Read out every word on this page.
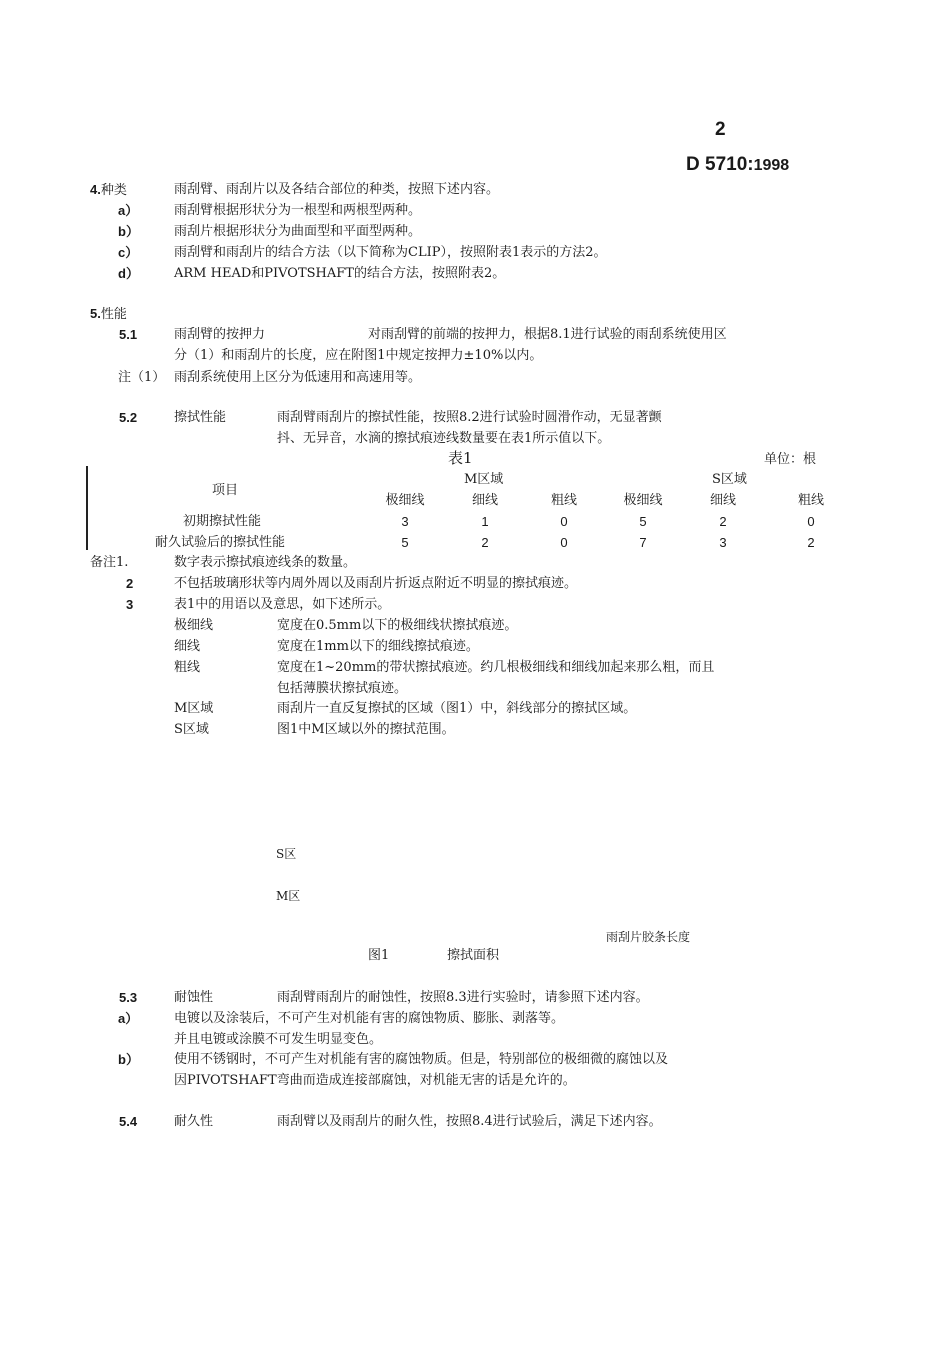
2
D 5710:1998
4.种类	雨刮臂、雨刮片以及各结合部位的种类，按照下述内容。
a）	雨刮臂根据形状分为一根型和两根型两种。
b）	雨刮片根据形状分为曲面型和平面型两种。
c）	雨刮臂和雨刮片的结合方法（以下简称为CLIP），按照附表1表示的方法2。
d）	ARM HEAD和PIVOTSHAFT的结合方法，按照附表2。
5.性能
5.1	雨刮臂的按押力	对雨刮臂的前端的按押力，根据8.1进行试验的雨刮系统使用区
分（1）和雨刮片的长度，应在附图1中规定按押力±10%以内。
注（1） 雨刮系统使用上区分为低速用和高速用等。
5.2	擦拭性能	雨刮臂雨刮片的擦拭性能，按照8.2进行试验时圆滑作动，无显著颤
抖、无异音，水滴的擦拭痕迹线数量要在表1所示值以下。
表1	单位：根
项目
M区域	S区域
极细线	细线	粗线	极细线	细线	粗线
初期擦拭性能	3	1	0	5	2	0
耐久试验后的擦拭性能	5	2	0	7	3	2
备注1.	数字表示擦拭痕迹线条的数量。
2	不包括玻璃形状等内周外周以及雨刮片折返点附近不明显的擦拭痕迹。
3	表1中的用语以及意思，如下述所示。
极细线	宽度在0.5mm以下的极细线状擦拭痕迹。
细线	宽度在1mm以下的细线擦拭痕迹。
粗线	宽度在1~20mm的带状擦拭痕迹。约几根极细线和细线加起来那么粗，而且
包括薄膜状擦拭痕迹。
M区域	雨刮片一直反复擦拭的区域（图1）中，斜线部分的擦拭区域。
S区域	图1中M区域以外的擦拭范围。
S区
M区
雨刮片胶条长度
图1	擦拭面积
5.3	耐蚀性	雨刮臂雨刮片的耐蚀性，按照8.3进行实验时，请参照下述内容。
a）	电镀以及涂装后，不可产生对机能有害的腐蚀物质、膨胀、剥落等。
并且电镀或涂膜不可发生明显变色。
b）	使用不锈钢时，不可产生对机能有害的腐蚀物质。但是，特别部位的极细微的腐蚀以及
因PIVOTSHAFT弯曲而造成连接部腐蚀，对机能无害的话是允许的。
5.4	耐久性	雨刮臂以及雨刮片的耐久性，按照8.4进行试验后，满足下述内容。
